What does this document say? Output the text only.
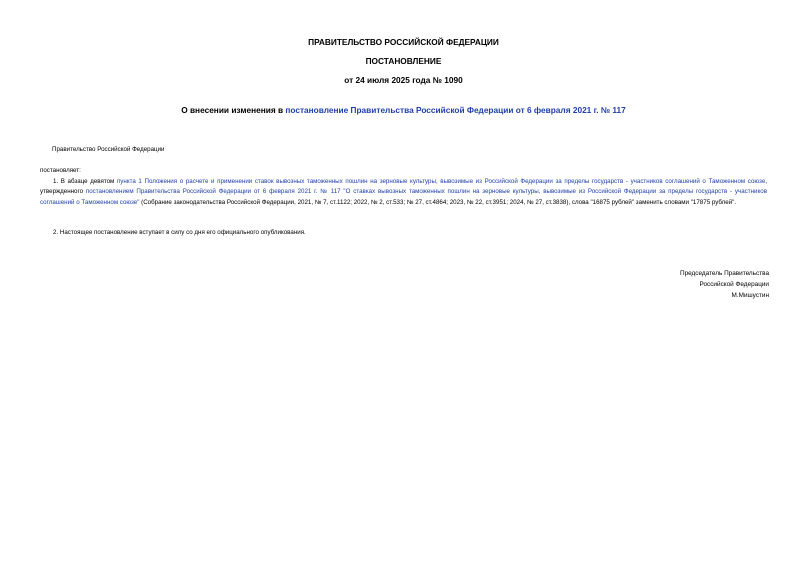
ПРАВИТЕЛЬСТВО РОССИЙСКОЙ ФЕДЕРАЦИИ
ПОСТАНОВЛЕНИЕ
от 24 июля 2025 года № 1090
О внесении изменения в постановление Правительства Российской Федерации от 6 февраля 2021 г. № 117
Правительство Российской Федерации
постановляет:
1. В абзаце девятом пункта 1 Положения о расчете и применении ставок вывозных таможенных пошлин на зерновые культуры, вывозимые из Российской Федерации за пределы государств - участников соглашений о Таможенном союзе, утвержденного постановлением Правительства Российской Федерации от 6 февраля 2021 г. № 117 "О ставках вывозных таможенных пошлин на зерновые культуры, вывозимые из Российской Федерации за пределы государств - участников соглашений о Таможенном союзе" (Собрание законодательства Российской Федерации, 2021, № 7, ст.1122; 2022, № 2, ст.533; № 27, ст.4864; 2023, № 22, ст.3951; 2024, № 27, ст.3838), слова "16875 рублей" заменить словами "17875 рублей".
2. Настоящее постановление вступает в силу со дня его официального опубликования.
Председатель Правительства
Российской Федерации
М.Мишустин
